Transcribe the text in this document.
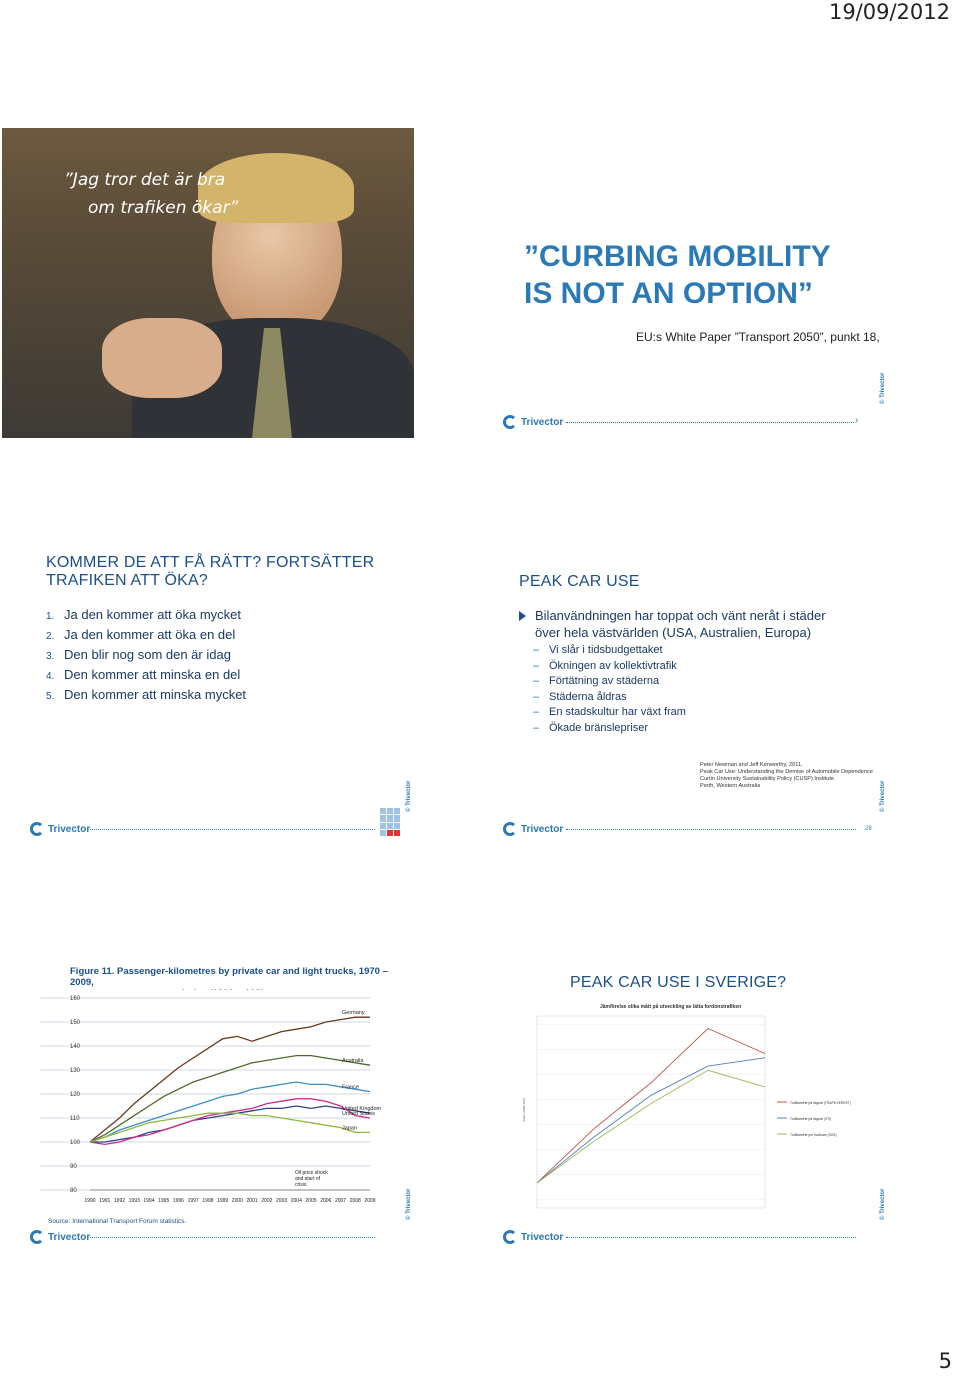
19/09/2012
”Jag tror det är bra
om trafiken ökar”
”CURBING MOBILITY
IS NOT AN OPTION”
EU:s White Paper ”Transport 2050”, punkt 18,
© Trivector
Trivector	›
KOMMER DE ATT FÅ RÄTT? FORTSÄTTER
TRAFIKEN ATT ÖKA?
1. Ja den kommer att öka mycket
2. Ja den kommer att öka en del
3. Den blir nog som den är idag
4. Den kommer att minska en del
5. Den kommer att minska mycket
© Trivector
Trivector
PEAK CAR USE
Bilanvändningen har toppat och vänt neråt i städer
över hela västvärlden (USA, Australien, Europa)
– Vi slår i tidsbudgettaket
– Ökningen av kollektivtrafik
– Förtätning av städerna
– Städerna åldras
– En stadskultur har växt fram
– Ökade bränslepriser
Peter Newman and Jeff Kenworthy, 2011,
Peak Car Use: Understanding the Demise of Automobile Dependence
Curtin University Sustainability Policy (CUSP) Institute
Perth, Western Australia	© Trivector
Trivector	28
Figure 11. Passenger-kilometres by private car and light trucks, 1970 – 2009,
80
90
100
110
120
130
140
150
160
1990 1991 1992 1993 1994 1995 1996 1997 1998 1999 2000 2001 2002 2003 2004 2005 2006 2007 2008 2009
Germany
Australia
France
United Kingdom
United States
Japan
Oil price shock
and start of
crisis
Source: International Transport Forum statistics.
© Trivector
Trivector
PEAK CAR USE I SVERIGE?
Jämförelse olika mått på utveckling av lätta fordonstrafiken
Index (1990=100)	Trafikarbete på vägnät (TRAFIKVERKET)
Trafikarbete på vägnät (VTI)
Trafikarbete per invånare (SCB)
© Trivector
Trivector
5
